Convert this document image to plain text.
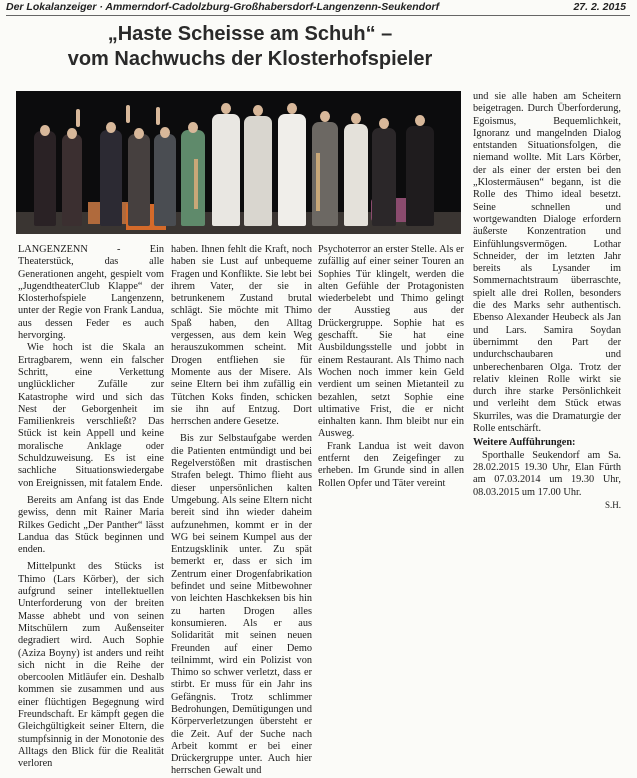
Der Lokalanzeiger · Ammerndorf-Cadolzburg-Großhabersdorf-Langenzenn-Seukendorf	27. 2. 2015
„Haste Scheisse am Schuh“ –
vom Nachwuchs der Klosterhofspieler

LANGENZENN - Ein Theaterstück, das alle Generationen angeht, gespielt vom „JugendtheaterClub Klappe“ der Klosterhofspiele Langenzenn, unter der Regie von Frank Landua, aus dessen Feder es auch hervorging.

Wie hoch ist die Skala an Ertragbarem, wenn ein falscher Schritt, eine Verkettung unglücklicher Zufälle zur Katastrophe wird und sich das Nest der Geborgenheit im Familienkreis verschließt? Das Stück ist kein Appell und keine moralische Anklage oder Schuldzuweisung. Es ist eine sachliche Situationswiedergabe von Ereignissen, mit fatalem Ende.

Bereits am Anfang ist das Ende gewiss, denn mit Rainer Maria Rilkes Gedicht „Der Panther“ lässt Landua das Stück beginnen und enden.

Mittelpunkt des Stücks ist Thimo (Lars Körber), der sich aufgrund seiner intellektuellen Unterforderung von der breiten Masse abhebt und von seinen Mitschülern zum Außenseiter degradiert wird. Auch Sophie (Aziza Boyny) ist anders und reiht sich nicht in die Reihe der obercoolen Mitläufer ein. Deshalb kommen sie zusammen und aus einer flüchtigen Begegnung wird Freundschaft. Er kämpft gegen die Gleichgültigkeit seiner Eltern, die stumpfsinnig in der Monotonie des Alltags den Blick für die Realität verloren

haben. Ihnen fehlt die Kraft, noch haben sie Lust auf unbequeme Fragen und Konflikte. Sie lebt bei ihrem Vater, der sie in betrunkenem Zustand brutal schlägt. Sie möchte mit Thimo Spaß haben, den Alltag vergessen, aus dem kein Weg herauszukommen scheint. Mit Drogen entfliehen sie für Momente aus der Misere. Als seine Eltern bei ihm zufällig ein Tütchen Koks finden, schicken sie ihn auf Entzug. Dort herrschen andere Gesetze.

Bis zur Selbstaufgabe werden die Patienten entmündigt und bei Regelverstößen mit drastischen Strafen belegt. Thimo flieht aus dieser unpersönlichen kalten Umgebung. Als seine Eltern nicht bereit sind ihn wieder daheim aufzunehmen, kommt er in der WG bei seinem Kumpel aus der Entzugsklinik unter. Zu spät bemerkt er, dass er sich im Zentrum einer Drogenfabrikation befindet und seine Mitbewohner von leichten Haschkeksen bis hin zu harten Drogen alles konsumieren. Als er aus Solidarität mit seinen neuen Freunden auf einer Demo teilnimmt, wird ein Polizist von Thimo so schwer verletzt, dass er stirbt. Er muss für ein Jahr ins Gefängnis. Trotz schlimmer Bedrohungen, Demütigungen und Körperverletzungen übersteht er die Zeit. Auf der Suche nach Arbeit kommt er bei einer Drückergruppe unter. Auch hier herrschen Gewalt und

Psychoterror an erster Stelle. Als er zufällig auf einer seiner Touren an Sophies Tür klingelt, werden die alten Gefühle der Protagonisten wiederbelebt und Thimo gelingt der Ausstieg aus der Drückergruppe. Sophie hat es geschafft. Sie hat eine Ausbildungsstelle und jobbt in einem Restaurant. Als Thimo nach Wochen noch immer kein Geld verdient um seinen Mietanteil zu bezahlen, setzt Sophie eine ultimative Frist, die er nicht einhalten kann. Ihm bleibt nur ein Ausweg.

Frank Landua ist weit davon entfernt den Zeigefinger zu erheben. Im Grunde sind in allen Rollen Opfer und Täter vereint

und sie alle haben am Scheitern beigetragen. Durch Überforderung, Egoismus, Bequemlichkeit, Ignoranz und mangelnden Dialog entstanden Situationsfolgen, die niemand wollte. Mit Lars Körber, der als einer der ersten bei den „Klostermäusen“ begann, ist die Rolle des Thimo ideal besetzt. Seine schnellen und wortgewandten Dialoge erfordern äußerste Konzentration und Einfühlungsvermögen. Lothar Schneider, der im letzten Jahr bereits als Lysander im Sommernachtstraum überraschte, spielt alle drei Rollen, besonders die des Marks sehr authentisch. Ebenso Alexander Heubeck als Jan und Lars. Samira Soydan übernimmt den Part der undurchschaubaren und unberechenbaren Olga. Trotz der relativ kleinen Rolle wirkt sie durch ihre starke Persönlichkeit und verleiht dem Stück etwas Skurriles, was die Dramaturgie der Rolle entschärft.

Weitere Aufführungen:

Sporthalle Seukendorf am Sa. 28.02.2015 19.30 Uhr, Elan Fürth am 07.03.2014 um 19.30 Uhr, 08.03.2015 um 17.00 Uhr.

S.H.
